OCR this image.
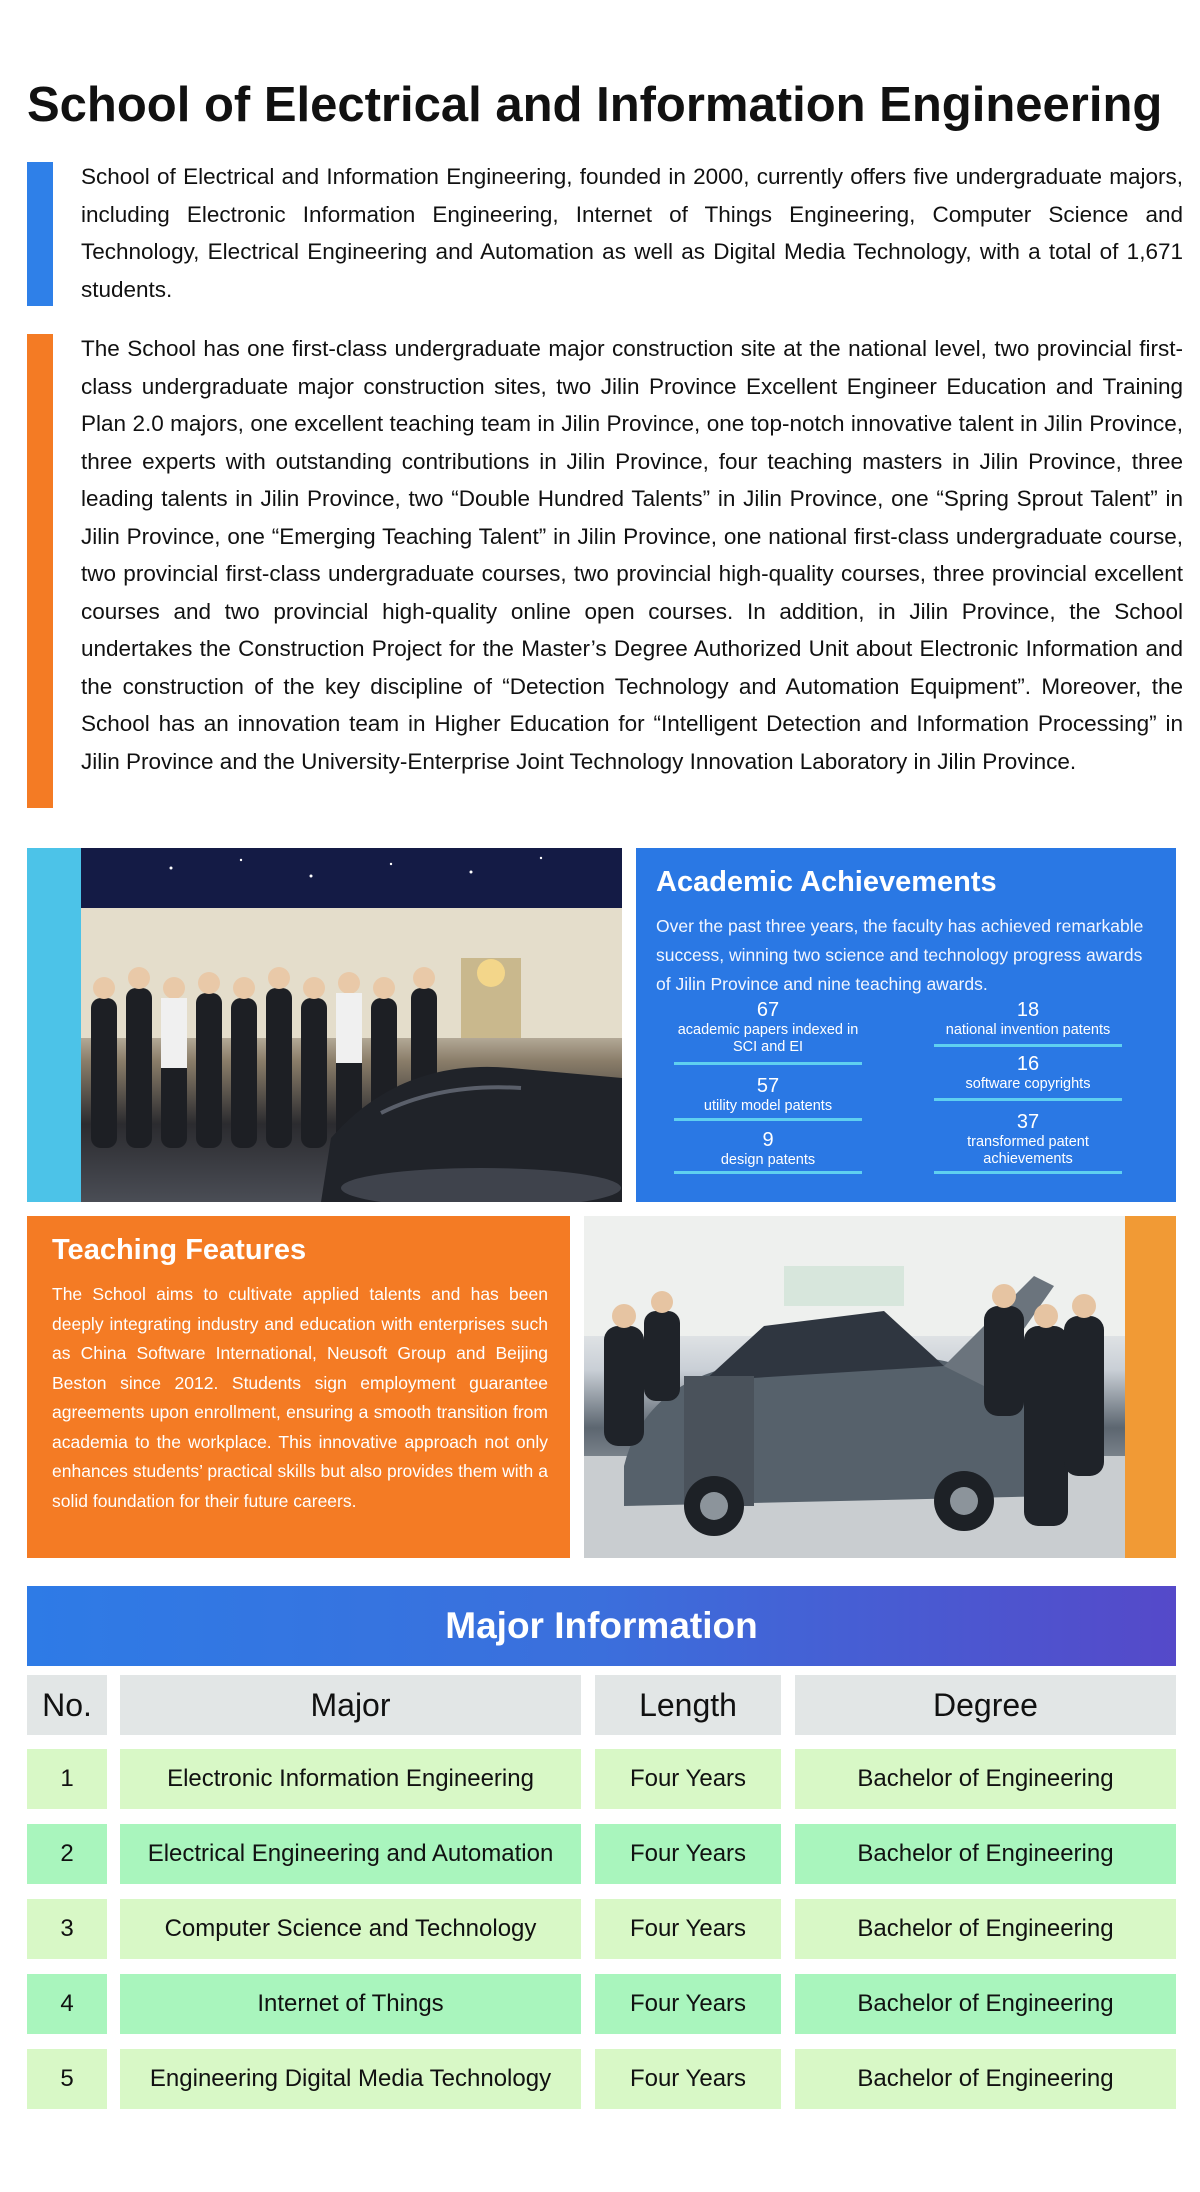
School of Electrical and Information Engineering

School of Electrical and Information Engineering, founded in 2000, currently offers five undergraduate majors, including Electronic Information Engineering, Internet of Things Engineering, Computer Science and Technology, Electrical Engineering and Automation as well as Digital Media Technology, with a total of 1,671 students.

The School has one first-class undergraduate major construction site at the national level, two provincial first-class undergraduate major construction sites, two Jilin Province Excellent Engineer Education and Training Plan 2.0 majors, one excellent teaching team in Jilin Province, one top-notch innovative talent in Jilin Province, three experts with outstanding contributions in Jilin Province, four teaching masters in Jilin Province, three leading talents in Jilin Province, two “Double Hundred Talents” in Jilin Province, one “Spring Sprout Talent” in Jilin Province, one “Emerging Teaching Talent” in Jilin Province, one national first-class undergraduate course, two provincial first-class undergraduate courses, two provincial high-quality courses, three provincial excellent courses and two provincial high-quality online open courses. In addition, in Jilin Province, the School undertakes the Construction Project for the Master’s Degree Authorized Unit about Electronic Information and the construction of the key discipline of “Detection Technology and Automation Equipment”. Moreover, the School has an innovation team in Higher Education for “Intelligent Detection and Information Processing” in Jilin Province and the University-Enterprise Joint Technology Innovation Laboratory in Jilin Province.

Academic Achievements
Over the past three years, the faculty has achieved remarkable success, winning two science and technology progress awards of Jilin Province and nine teaching awards.
67
academic papers indexed in SCI and EI
18
national invention patents
57
utility model patents
16
software copyrights
9
design patents
37
transformed patent achievements
Teaching Features
The School aims to cultivate applied talents and has been deeply integrating industry and education with enterprises such as China Software International, Neusoft Group and Beijing Beston since 2012. Students sign employment guarantee agreements upon enrollment, ensuring a smooth transition from academia to the workplace. This innovative approach not only enhances students’ practical skills but also provides them with a solid foundation for their future careers.
Major Information
No.	Major	Length	Degree
1	Electronic Information Engineering	Four Years	Bachelor of Engineering
2	Electrical Engineering and Automation	Four Years	Bachelor of Engineering
3	Computer Science and Technology	Four Years	Bachelor of Engineering
4	Internet of Things	Four Years	Bachelor of Engineering
5	Engineering Digital Media Technology	Four Years	Bachelor of Engineering
